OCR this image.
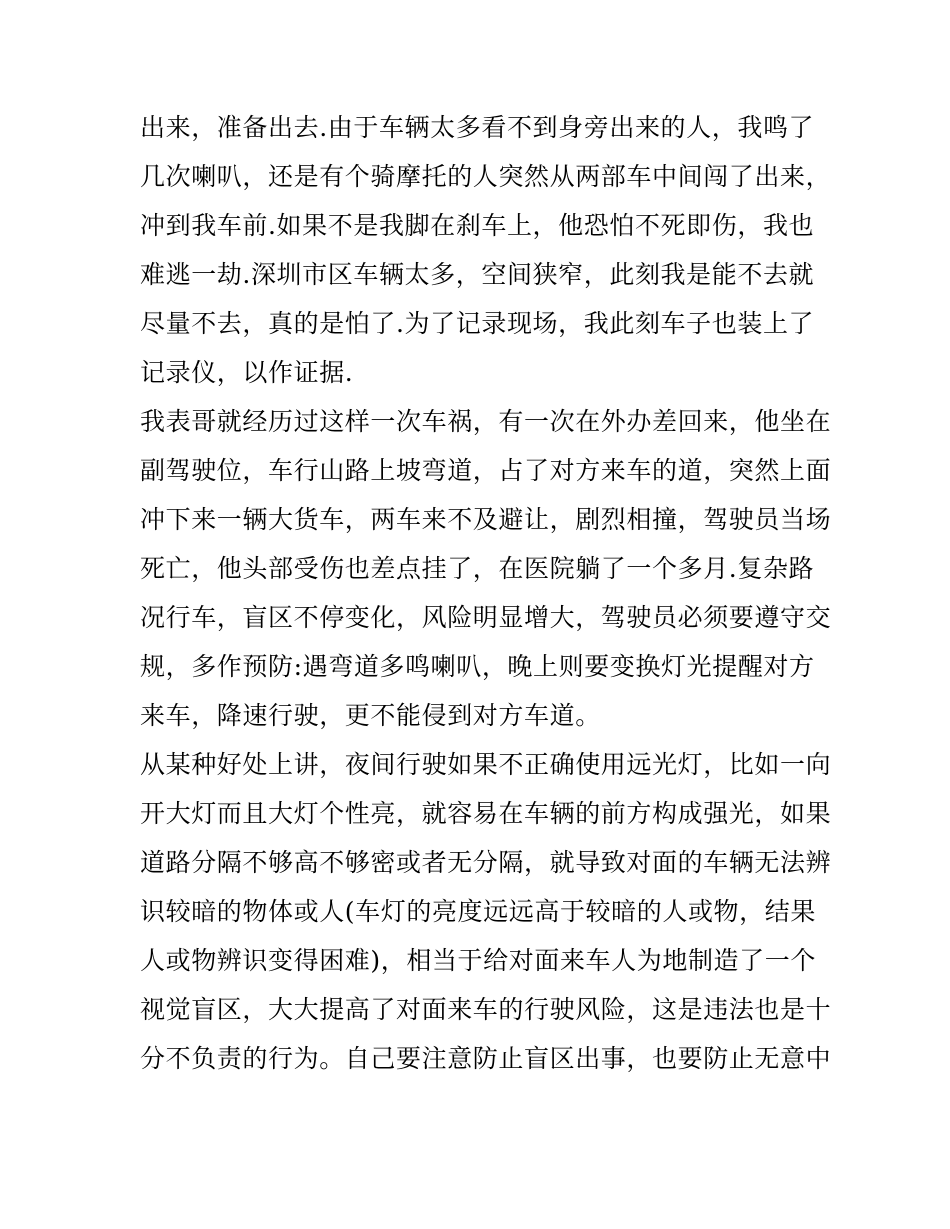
出来，准备出去.由于车辆太多看不到身旁出来的人，我鸣了
几次喇叭，还是有个骑摩托的人突然从两部车中间闯了出来，
冲到我车前.如果不是我脚在刹车上，他恐怕不死即伤，我也
难逃一劫.深圳市区车辆太多，空间狭窄，此刻我是能不去就
尽量不去，真的是怕了.为了记录现场，我此刻车子也装上了
记录仪，以作证据.
我表哥就经历过这样一次车祸，有一次在外办差回来，他坐在
副驾驶位，车行山路上坡弯道，占了对方来车的道，突然上面
冲下来一辆大货车，两车来不及避让，剧烈相撞，驾驶员当场
死亡，他头部受伤也差点挂了，在医院躺了一个多月.复杂路
况行车，盲区不停变化，风险明显增大，驾驶员必须要遵守交
规，多作预防:遇弯道多鸣喇叭，晚上则要变换灯光提醒对方
来车，降速行驶，更不能侵到对方车道。
从某种好处上讲，夜间行驶如果不正确使用远光灯，比如一向
开大灯而且大灯个性亮，就容易在车辆的前方构成强光，如果
道路分隔不够高不够密或者无分隔，就导致对面的车辆无法辨
识较暗的物体或人(车灯的亮度远远高于较暗的人或物，结果
人或物辨识变得困难)，相当于给对面来车人为地制造了一个
视觉盲区，大大提高了对面来车的行驶风险，这是违法也是十
分不负责的行为。自己要注意防止盲区出事，也要防止无意中
